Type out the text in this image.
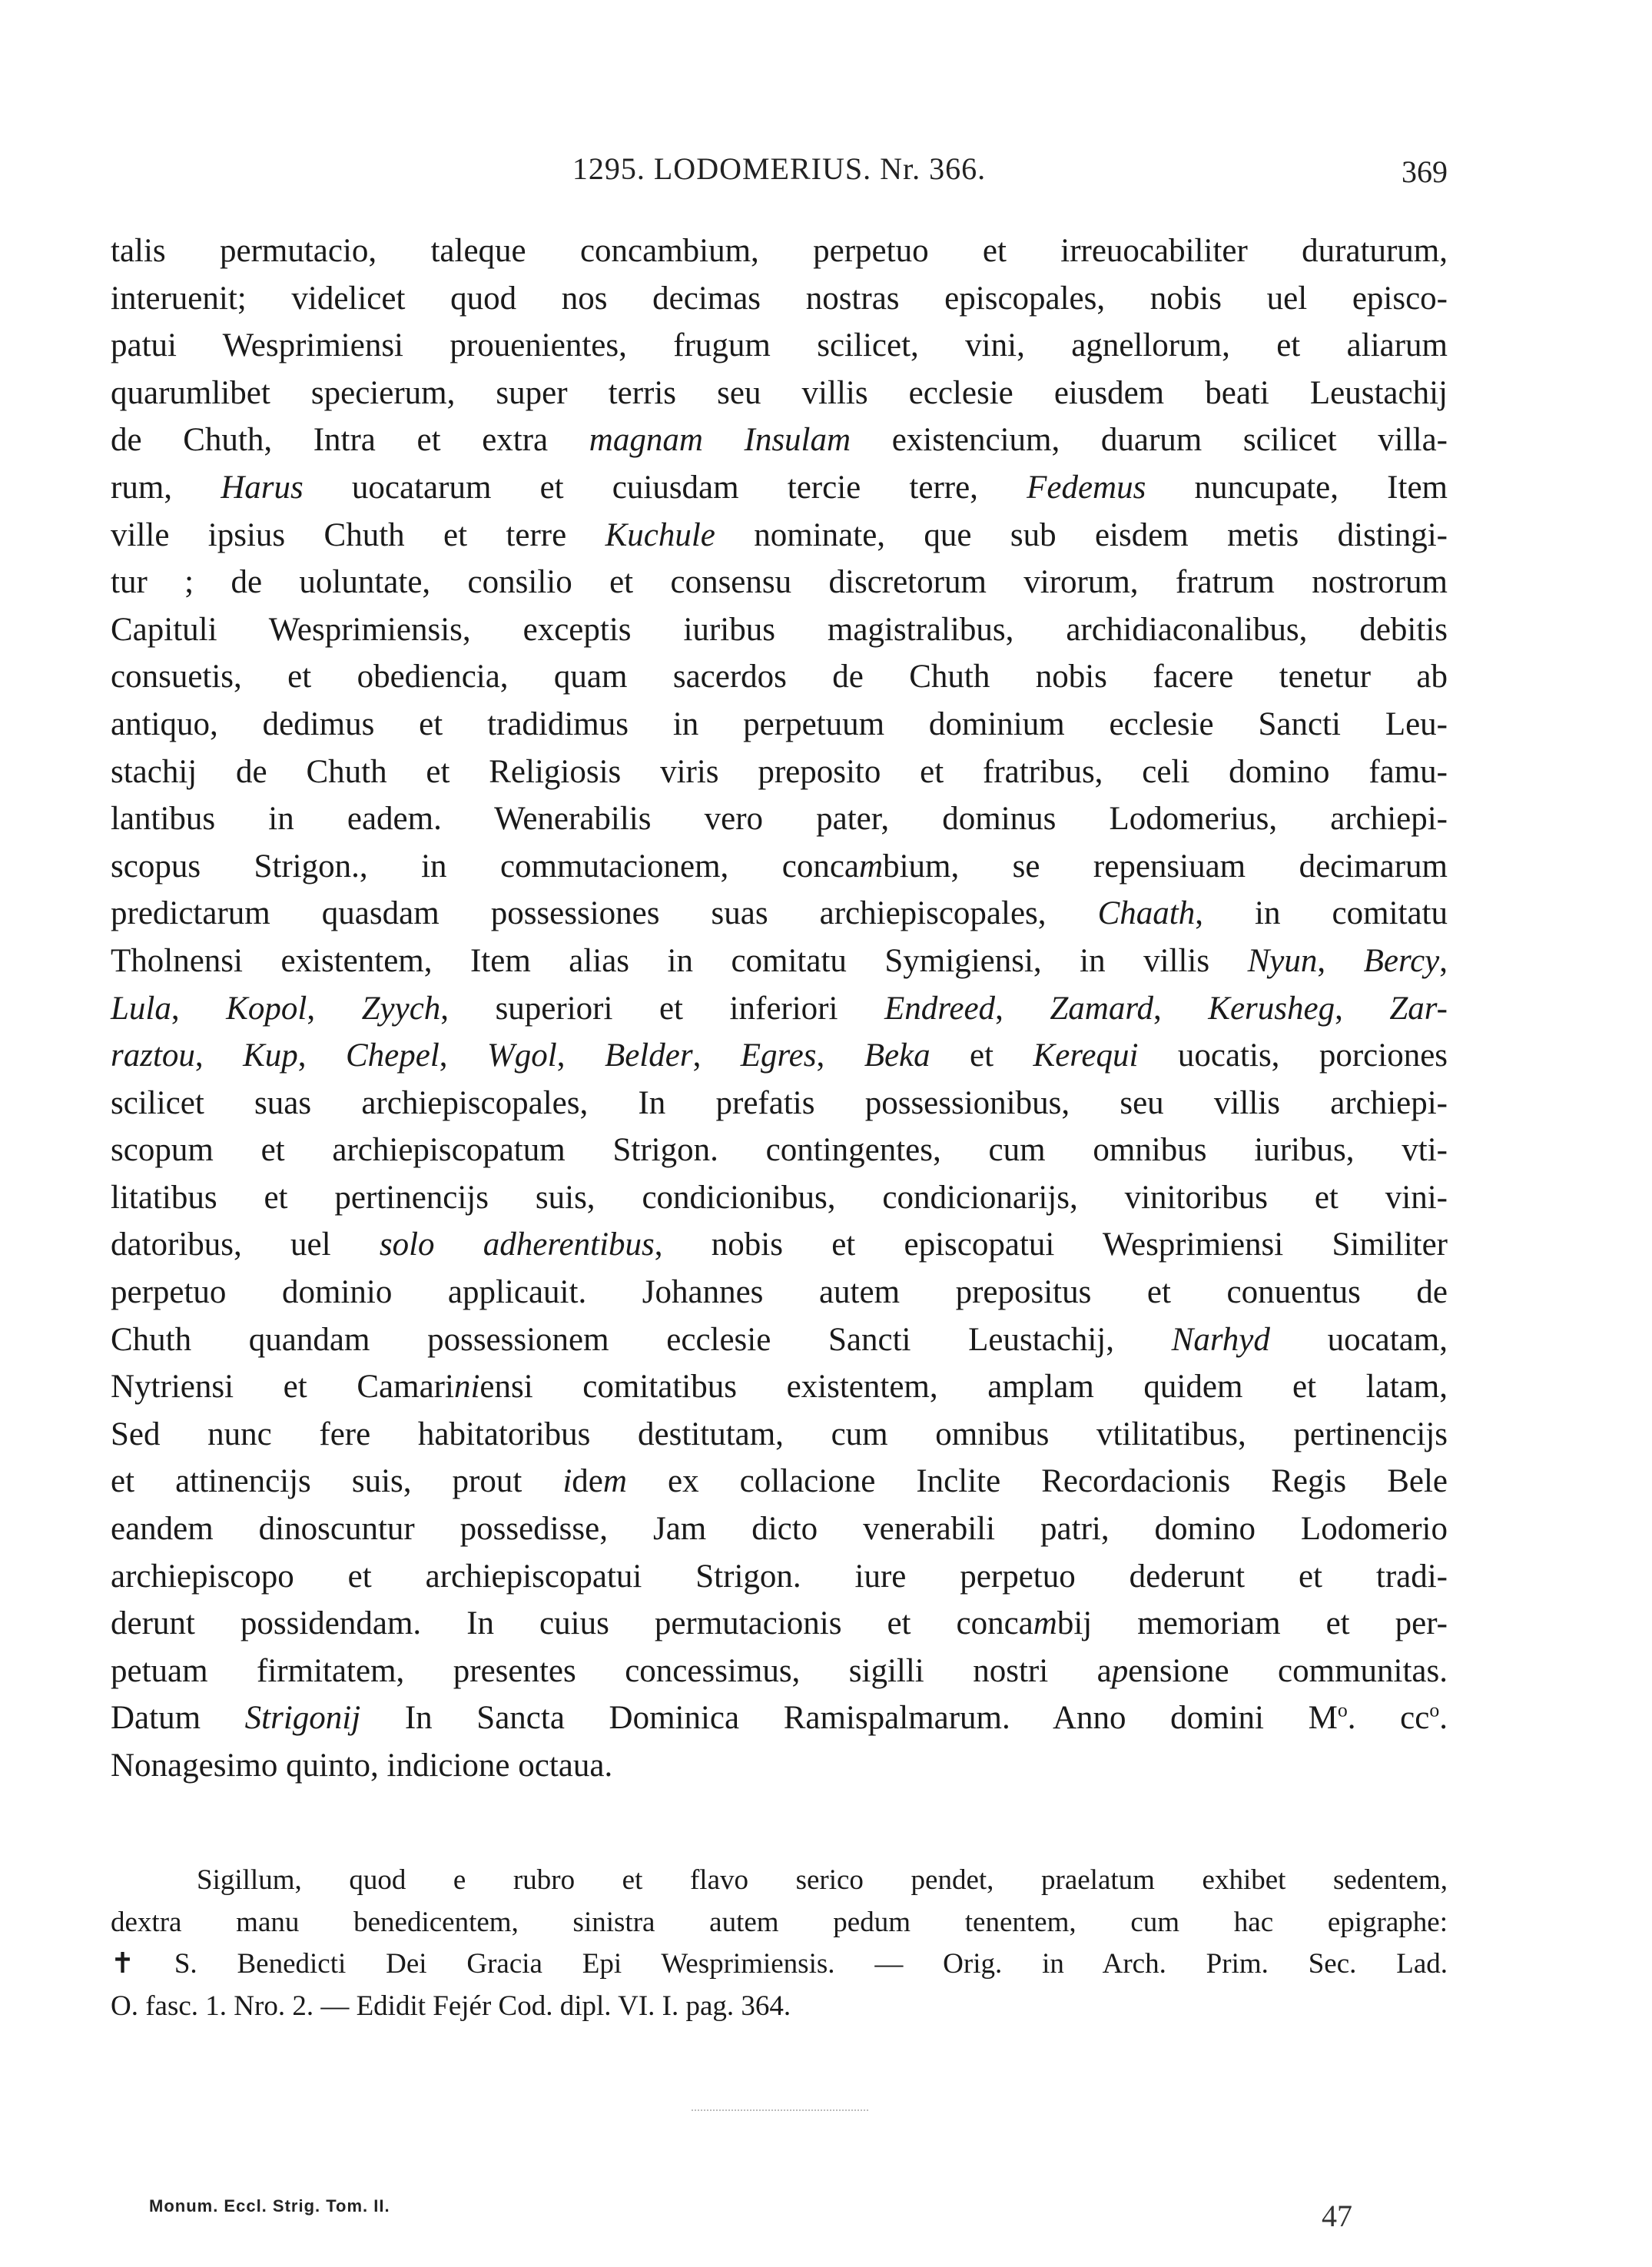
1295. LODOMERIUS. Nr. 366.	369
talis permutacio, taleque concambium, perpetuo et irreuocabiliter duraturum,
interuenit; videlicet quod nos decimas nostras episcopales, nobis uel episco-
patui Wesprimiensi prouenientes, frugum scilicet, vini, agnellorum, et aliarum
quarumlibet specierum, super terris seu villis ecclesie eiusdem beati Leustachij
de Chuth, Intra et extra magnam Insulam existencium, duarum scilicet villa-
rum, Harus uocatarum et cuiusdam tercie terre, Fedemus nuncupate, Item
ville ipsius Chuth et terre Kuchule nominate, que sub eisdem metis distingi-
tur ; de uoluntate, consilio et consensu discretorum virorum, fratrum nostrorum
Capituli Wesprimiensis, exceptis iuribus magistralibus, archidiaconalibus, debitis
consuetis, et obediencia, quam sacerdos de Chuth nobis facere tenetur ab
antiquo, dedimus et tradidimus in perpetuum dominium ecclesie Sancti Leu-
stachij de Chuth et Religiosis viris preposito et fratribus, celi domino famu-
lantibus in eadem. Wenerabilis vero pater, dominus Lodomerius, archiepi-
scopus Strigon., in commutacionem, concambium, se repensiuam decimarum
predictarum quasdam possessiones suas archiepiscopales, Chaath, in comitatu
Tholnensi existentem, Item alias in comitatu Symigiensi, in villis Nyun, Bercy,
Lula, Kopol, Zyych, superiori et inferiori Endreed, Zamard, Kerusheg, Zar-
raztou, Kup, Chepel, Wgol, Belder, Egres, Beka et Kerequi uocatis, porciones
scilicet suas archiepiscopales, In prefatis possessionibus, seu villis archiepi-
scopum et archiepiscopatum Strigon. contingentes, cum omnibus iuribus, vti-
litatibus et pertinencijs suis, condicionibus, condicionarijs, vinitoribus et vini-
datoribus, uel solo adherentibus, nobis et episcopatui Wesprimiensi Similiter
perpetuo dominio applicauit. Johannes autem prepositus et conuentus de
Chuth quandam possessionem ecclesie Sancti Leustachij, Narhyd uocatam,
Nytriensi et Camariniensi comitatibus existentem, amplam quidem et latam,
Sed nunc fere habitatoribus destitutam, cum omnibus vtilitatibus, pertinencijs
et attinencijs suis, prout idem ex collacione Inclite Recordacionis Regis Bele
eandem dinoscuntur possedisse, Jam dicto venerabili patri, domino Lodomerio
archiepiscopo et archiepiscopatui Strigon. iure perpetuo dederunt et tradi-
derunt possidendam. In cuius permutacionis et concambij memoriam et per-
petuam firmitatem, presentes concessimus, sigilli nostri apensione communitas.
Datum Strigonij In Sancta Dominica Ramispalmarum. Anno domini $M^o$. $cc^o$.
Nonagesimo quinto, indicione octaua.
Sigillum, quod e rubro et flavo serico pendet, praelatum exhibet sedentem,
dextra manu benedicentem, sinistra autem pedum tenentem, cum hac epigraphe:
✝ S. Benedicti Dei Gracia Epi Wesprimiensis. — Orig. in Arch. Prim. Sec. Lad.
O. fasc. 1. Nro. 2. — Edidit Fejér Cod. dipl. VI. I. pag. 364.
Monum. Eccl. Strig. Tom. II.	47
